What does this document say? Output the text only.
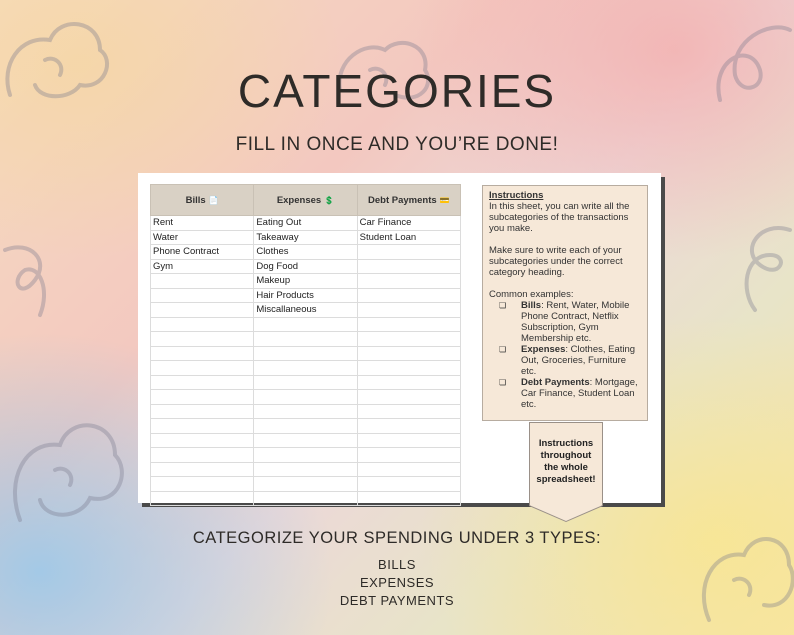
CATEGORIES
FILL IN ONCE AND YOU’RE DONE!
Bills 📄	Expenses 💲	Debt Payments 💳
Rent	Eating Out	Car Finance
Water	Takeaway	Student Loan
Phone Contract	Clothes	
Gym	Dog Food	
	Makeup	
	Hair Products	
	Miscallaneous	

Instructions

In this sheet, you can write all the subcategories of the transactions you make.

Make sure to write each of your subcategories under the correct category heading.

Common examples:

❏ Bills: Rent, Water, Mobile Phone Contract, Netflix Subscription, Gym Membership etc.
❏ Expenses: Clothes, Eating Out, Groceries, Furniture etc.
❏ Debt Payments: Mortgage, Car Finance, Student Loan etc.
Instructions
throughout
the whole
spreadsheet!
CATEGORIZE YOUR SPENDING UNDER 3 TYPES:
BILLS
EXPENSES
DEBT PAYMENTS
